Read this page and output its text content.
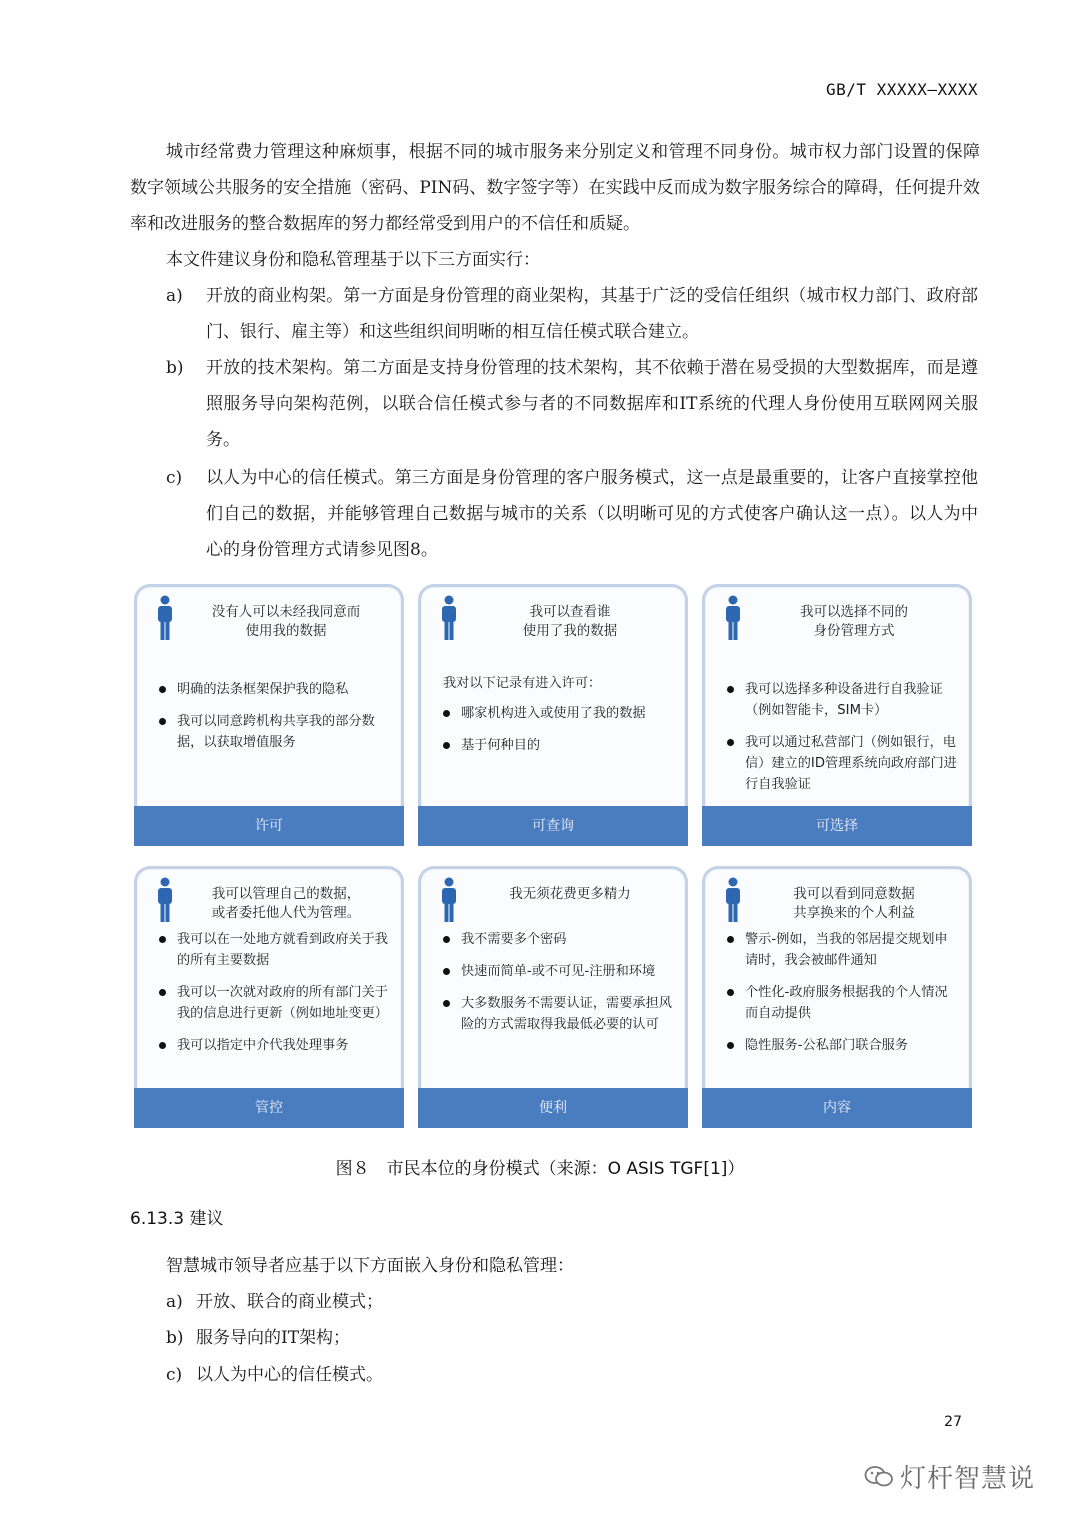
GB/T XXXXX—XXXX

城市经常费力管理这种麻烦事，根据不同的城市服务来分别定义和管理不同身份。城市权力部门设置的保障数字领域公共服务的安全措施（密码、PIN码、数字签字等）在实践中反而成为数字服务综合的障碍，任何提升效率和改进服务的整合数据库的努力都经常受到用户的不信任和质疑。

本文件建议身份和隐私管理基于以下三方面实行：

a) 开放的商业构架。第一方面是身份管理的商业架构，其基于广泛的受信任组织（城市权力部门、政府部门、银行、雇主等）和这些组织间明晰的相互信任模式联合建立。
b) 开放的技术架构。第二方面是支持身份管理的技术架构，其不依赖于潜在易受损的大型数据库，而是遵照服务导向架构范例，以联合信任模式参与者的不同数据库和IT系统的代理人身份使用互联网网关服务。
c) 以人为中心的信任模式。第三方面是身份管理的客户服务模式，这一点是最重要的，让客户直接掌控他们自己的数据，并能够管理自己数据与城市的关系（以明晰可见的方式使客户确认这一点）。以人为中心的身份管理方式请参见图8。
没有人可以未经我同意而
使用我的数据
明确的法条框架保护我的隐私
我可以同意跨机构共享我的部分数据，以获取增值服务
许可
我可以查看谁
使用了我的数据
我对以下记录有进入许可：
哪家机构进入或使用了我的数据
基于何种目的
可查询
我可以选择不同的
身份管理方式
我可以选择多种设备进行自我验证（例如智能卡，SIM卡）
我可以通过私营部门（例如银行，电信）建立的ID管理系统向政府部门进行自我验证
可选择
我可以管理自己的数据，
或者委托他人代为管理。
我可以在一处地方就看到政府关于我的所有主要数据
我可以一次就对政府的所有部门关于我的信息进行更新（例如地址变更）
我可以指定中介代我处理事务
管控
我无须花费更多精力
我不需要多个密码
快速而简单-或不可见-注册和环境
大多数服务不需要认证，需要承担风险的方式需取得我最低必要的认可
便利
我可以看到同意数据
共享换来的个人利益
警示-例如，当我的邻居提交规划申请时，我会被邮件通知
个性化-政府服务根据我的个人情况而自动提供
隐性服务-公私部门联合服务
内容
图８　市民本位的身份模式（来源：O ASIS TGF[1]）
6.13.3 建议

智慧城市领导者应基于以下方面嵌入身份和隐私管理：

a) 开放、联合的商业模式；
b) 服务导向的IT架构；
c) 以人为中心的信任模式。
27
灯杆智慧说
